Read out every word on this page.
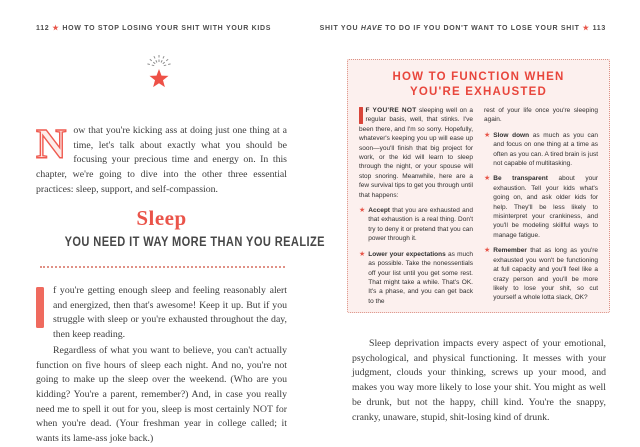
112 ★ HOW TO STOP LOSING YOUR SHIT WITH YOUR KIDS
Now that you're kicking ass at doing just one thing at a time, let's talk about exactly what you should be focusing your precious time and energy on. In this chapter, we're going to dive into the other three essential practices: sleep, support, and self-compassion.
Sleep
YOU NEED IT WAY MORE THAN YOU REALIZE
f you're getting enough sleep and feeling reasonably alert and energized, then that's awesome! Keep it up. But if you struggle with sleep or you're exhausted throughout the day, then keep reading.
Regardless of what you want to believe, you can't actually function on five hours of sleep each night. And no, you're not going to make up the sleep over the weekend. (Who are you kidding? You're a parent, remember?) And, in case you really need me to spell it out for you, sleep is most certainly NOT for when you're dead. (Your freshman year in college called; it wants its lame-ass joke back.)
SHIT YOU HAVE TO DO IF YOU DON'T WANT TO LOSE YOUR SHIT ★ 113
HOW TO FUNCTION WHEN
YOU'RE EXHAUSTED
F YOU'RE NOT sleeping well on a regular basis, well, that stinks. I've been there, and I'm so sorry. Hopefully, whatever's keeping you up will ease up soon—you'll finish that big project for work, or the kid will learn to sleep through the night, or your spouse will stop snoring. Meanwhile, here are a few survival tips to get you through until that happens:
★ Accept that you are exhausted and that exhaustion is a real thing. Don't try to deny it or pretend that you can power through it.
★ Lower your expectations as much as possible. Take the nonessentials off your list until you get some rest. That might take a while. That's OK. It's a phase, and you can get back to the
rest of your life once you're sleeping again.
★ Slow down as much as you can and focus on one thing at a time as often as you can. A tired brain is just not capable of multitasking.
★ Be transparent about your exhaustion. Tell your kids what's going on, and ask older kids for help. They'll be less likely to misinterpret your crankiness, and you'll be modeling skillful ways to manage fatigue.
★ Remember that as long as you're exhausted you won't be functioning at full capacity and you'll feel like a crazy person and you'll be more likely to lose your shit, so cut yourself a whole lotta slack, OK?
Sleep deprivation impacts every aspect of your emotional, psychological, and physical functioning. It messes with your judgment, clouds your thinking, screws up your mood, and makes you way more likely to lose your shit. You might as well be drunk, but not the happy, chill kind. You're the snappy, cranky, unaware, stupid, shit-losing kind of drunk.
